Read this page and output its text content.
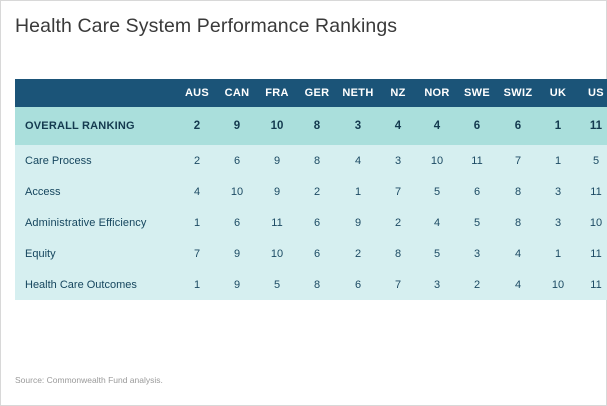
Health Care System Performance Rankings
	AUS	CAN	FRA	GER	NETH	NZ	NOR	SWE	SWIZ	UK	US
OVERALL RANKING	2	9	10	8	3	4	4	6	6	1	11
Care Process	2	6	9	8	4	3	10	11	7	1	5
Access	4	10	9	2	1	7	5	6	8	3	11
Administrative Efficiency	1	6	11	6	9	2	4	5	8	3	10
Equity	7	9	10	6	2	8	5	3	4	1	11
Health Care Outcomes	1	9	5	8	6	7	3	2	4	10	11
Source: Commonwealth Fund analysis.
